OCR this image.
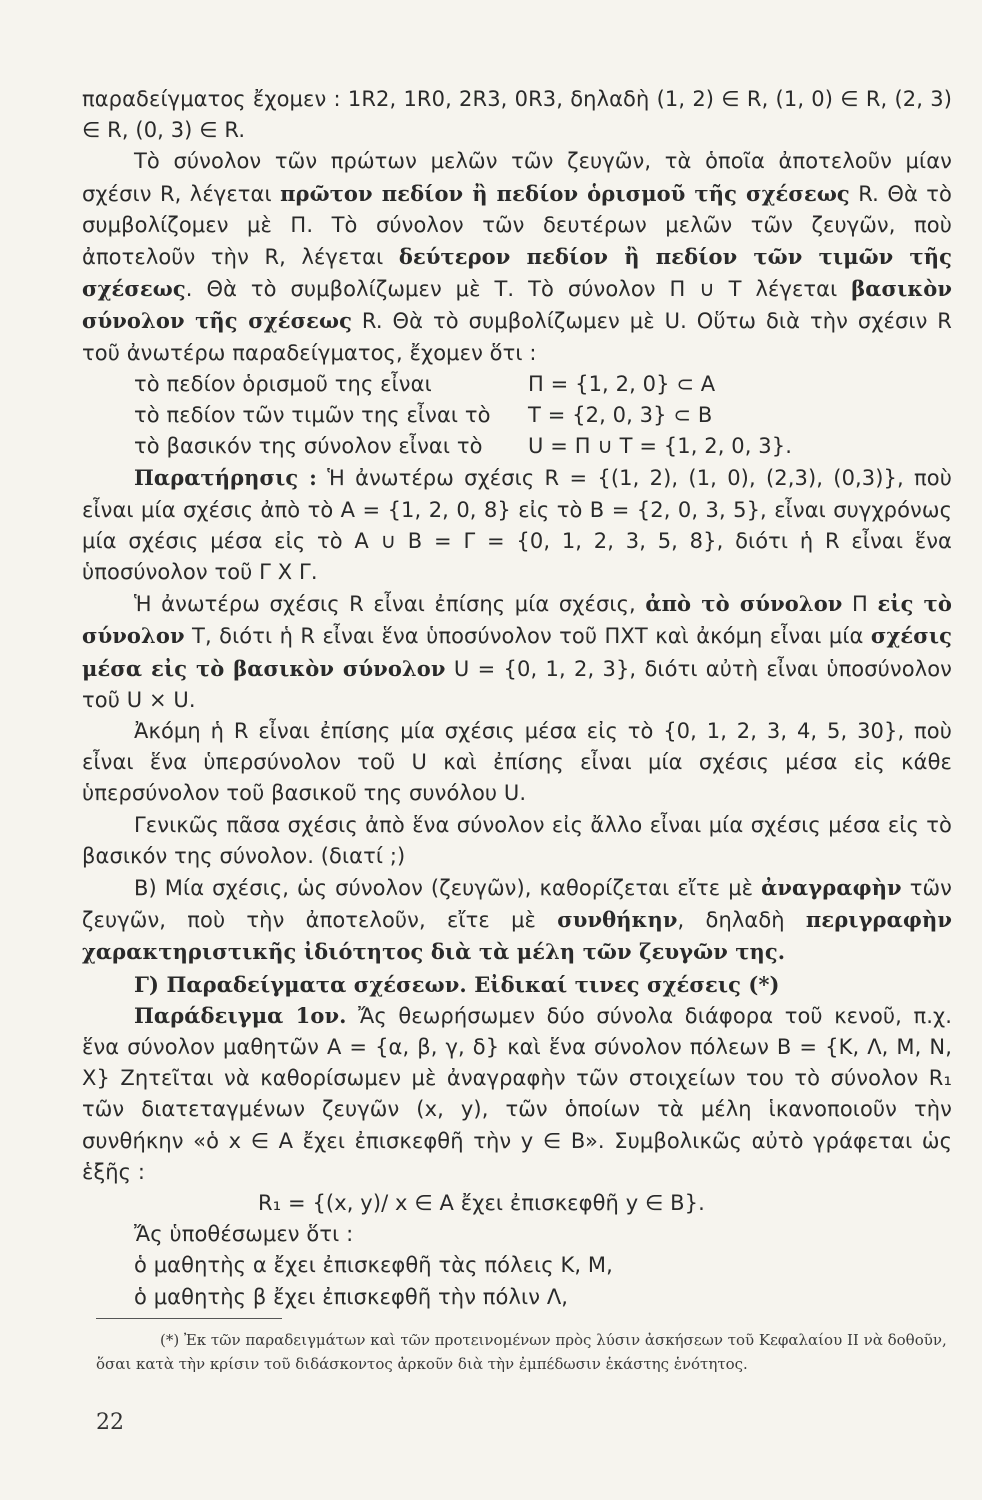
παραδείγματος ἔχομεν : 1R2, 1R0, 2R3, 0R3, δηλαδὴ (1, 2) ∈ R, (1, 0) ∈ R, (2, 3) ∈ R, (0, 3) ∈ R.

Τὸ σύνολον τῶν πρώτων μελῶν τῶν ζευγῶν, τὰ ὁποῖα ἀποτελοῦν μίαν σχέσιν R, λέγεται πρῶτον πεδίον ἢ πεδίον ὁρισμοῦ τῆς σχέσεως R. Θὰ τὸ συμβολίζομεν μὲ Π. Τὸ σύνολον τῶν δευτέρων μελῶν τῶν ζευγῶν, ποὺ ἀποτελοῦν τὴν R, λέγεται δεύτερον πεδίον ἢ πεδίον τῶν τιμῶν τῆς σχέσεως. Θὰ τὸ συμβολίζωμεν μὲ Τ. Τὸ σύνολον Π ∪ Τ λέγεται βασικὸν σύνολον τῆς σχέσεως R. Θὰ τὸ συμβολίζωμεν μὲ U. Οὕτω διὰ τὴν σχέσιν R τοῦ ἀνωτέρω παραδείγματος, ἔχομεν ὅτι :

τὸ πεδίον ὁρισμοῦ της εἶναι	Π = {1, 2, 0} ⊂ A
τὸ πεδίον τῶν τιμῶν της εἶναι τὸ	Τ = {2, 0, 3} ⊂ B
τὸ βασικόν της σύνολον εἶναι τὸ	U = Π ∪ Τ = {1, 2, 0, 3}.

Παρατήρησις : Ἡ ἀνωτέρω σχέσις R = {(1, 2), (1, 0), (2,3), (0,3)}, ποὺ εἶναι μία σχέσις ἀπὸ τὸ A = {1, 2, 0, 8} εἰς τὸ B = {2, 0, 3, 5}, εἶναι συγχρόνως μία σχέσις μέσα εἰς τὸ A ∪ B = Γ = {0, 1, 2, 3, 5, 8}, διότι ἡ R εἶναι ἕνα ὑποσύνολον τοῦ Γ Χ Γ.

Ἡ ἀνωτέρω σχέσις R εἶναι ἐπίσης μία σχέσις, ἀπὸ τὸ σύνολον Π εἰς τὸ σύνολον Τ, διότι ἡ R εἶναι ἕνα ὑποσύνολον τοῦ ΠΧΤ καὶ ἀκόμη εἶναι μία σχέσις μέσα εἰς τὸ βασικὸν σύνολον U = {0, 1, 2, 3}, διότι αὐτὴ εἶναι ὑποσύνολον τοῦ U × U.

Ἀκόμη ἡ R εἶναι ἐπίσης μία σχέσις μέσα εἰς τὸ {0, 1, 2, 3, 4, 5, 30}, ποὺ εἶναι ἕνα ὑπερσύνολον τοῦ U καὶ ἐπίσης εἶναι μία σχέσις μέσα εἰς κάθε ὑπερσύνολον τοῦ βασικοῦ της συνόλου U.

Γενικῶς πᾶσα σχέσις ἀπὸ ἕνα σύνολον εἰς ἄλλο εἶναι μία σχέσις μέσα εἰς τὸ βασικόν της σύνολον. (διατί ;)

Β) Μία σχέσις, ὡς σύνολον (ζευγῶν), καθορίζεται εἴτε μὲ ἀναγραφὴν τῶν ζευγῶν, ποὺ τὴν ἀποτελοῦν, εἴτε μὲ συνθήκην, δηλαδὴ περιγραφὴν χαρακτηριστικῆς ἰδιότητος διὰ τὰ μέλη τῶν ζευγῶν της.

Γ) Παραδείγματα σχέσεων. Εἰδικαί τινες σχέσεις (*)

Παράδειγμα 1ον. Ἄς θεωρήσωμεν δύο σύνολα διάφορα τοῦ κενοῦ, π.χ. ἕνα σύνολον μαθητῶν A = {α, β, γ, δ} καὶ ἕνα σύνολον πόλεων B = {K, Λ, M, N, X} Ζητεῖται νὰ καθορίσωμεν μὲ ἀναγραφὴν τῶν στοιχείων του τὸ σύνολον R₁ τῶν διατεταγμένων ζευγῶν (x, y), τῶν ὁποίων τὰ μέλη ἱκανοποιοῦν τὴν συνθήκην «ὁ x ∈ A ἔχει ἐπισκεφθῆ τὴν y ∈ B». Συμβολικῶς αὐτὸ γράφεται ὡς ἑξῆς :

R₁ = {(x, y)/ x ∈ A ἔχει ἐπισκεφθῆ y ∈ B}.

Ἄς ὑποθέσωμεν ὅτι :

ὁ μαθητὴς α ἔχει ἐπισκεφθῆ τὰς πόλεις K, M,

ὁ μαθητὴς β ἔχει ἐπισκεφθῆ τὴν πόλιν Λ,

(*) Ἐκ τῶν παραδειγμάτων καὶ τῶν προτεινομένων πρὸς λύσιν ἀσκήσεων τοῦ Κεφαλαίου II νὰ δοθοῦν, ὅσαι κατὰ τὴν κρίσιν τοῦ διδάσκοντος ἀρκοῦν διὰ τὴν ἐμπέδωσιν ἑκάστης ἑνότητος.

22
